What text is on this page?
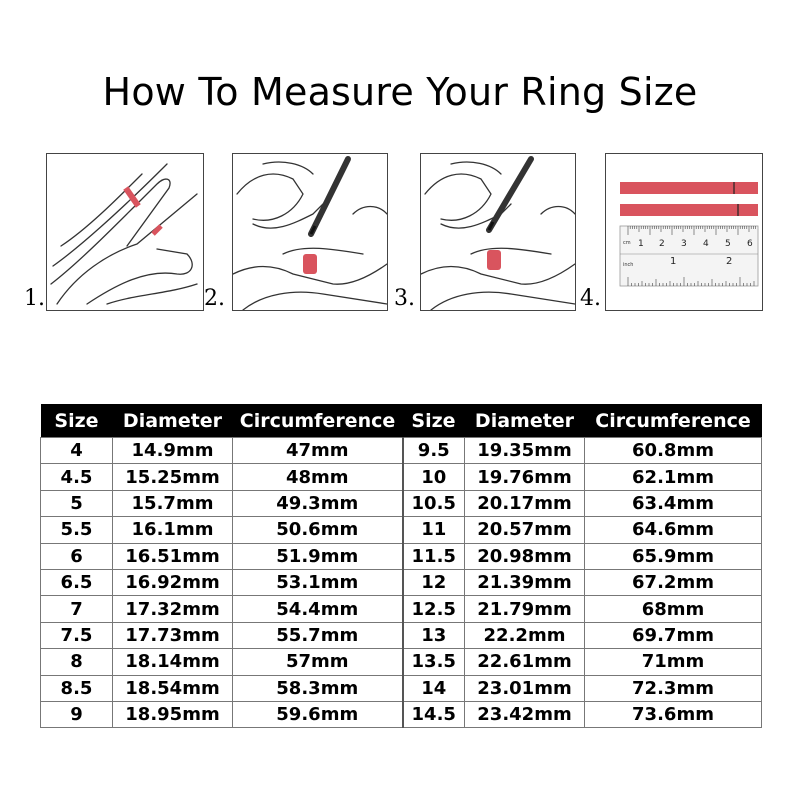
How To Measure Your Ring Size
1.	2.	3.
cm
inch
1 2 3 4 5 6
1	2
4.
Size	Diameter	Circumference	Size	Diameter	Circumference
4	14.9mm	47mm	9.5	19.35mm	60.8mm
4.5	15.25mm	48mm	10	19.76mm	62.1mm
5	15.7mm	49.3mm	10.5	20.17mm	63.4mm
5.5	16.1mm	50.6mm	11	20.57mm	64.6mm
6	16.51mm	51.9mm	11.5	20.98mm	65.9mm
6.5	16.92mm	53.1mm	12	21.39mm	67.2mm
7	17.32mm	54.4mm	12.5	21.79mm	68mm
7.5	17.73mm	55.7mm	13	22.2mm	69.7mm
8	18.14mm	57mm	13.5	22.61mm	71mm
8.5	18.54mm	58.3mm	14	23.01mm	72.3mm
9	18.95mm	59.6mm	14.5	23.42mm	73.6mm
